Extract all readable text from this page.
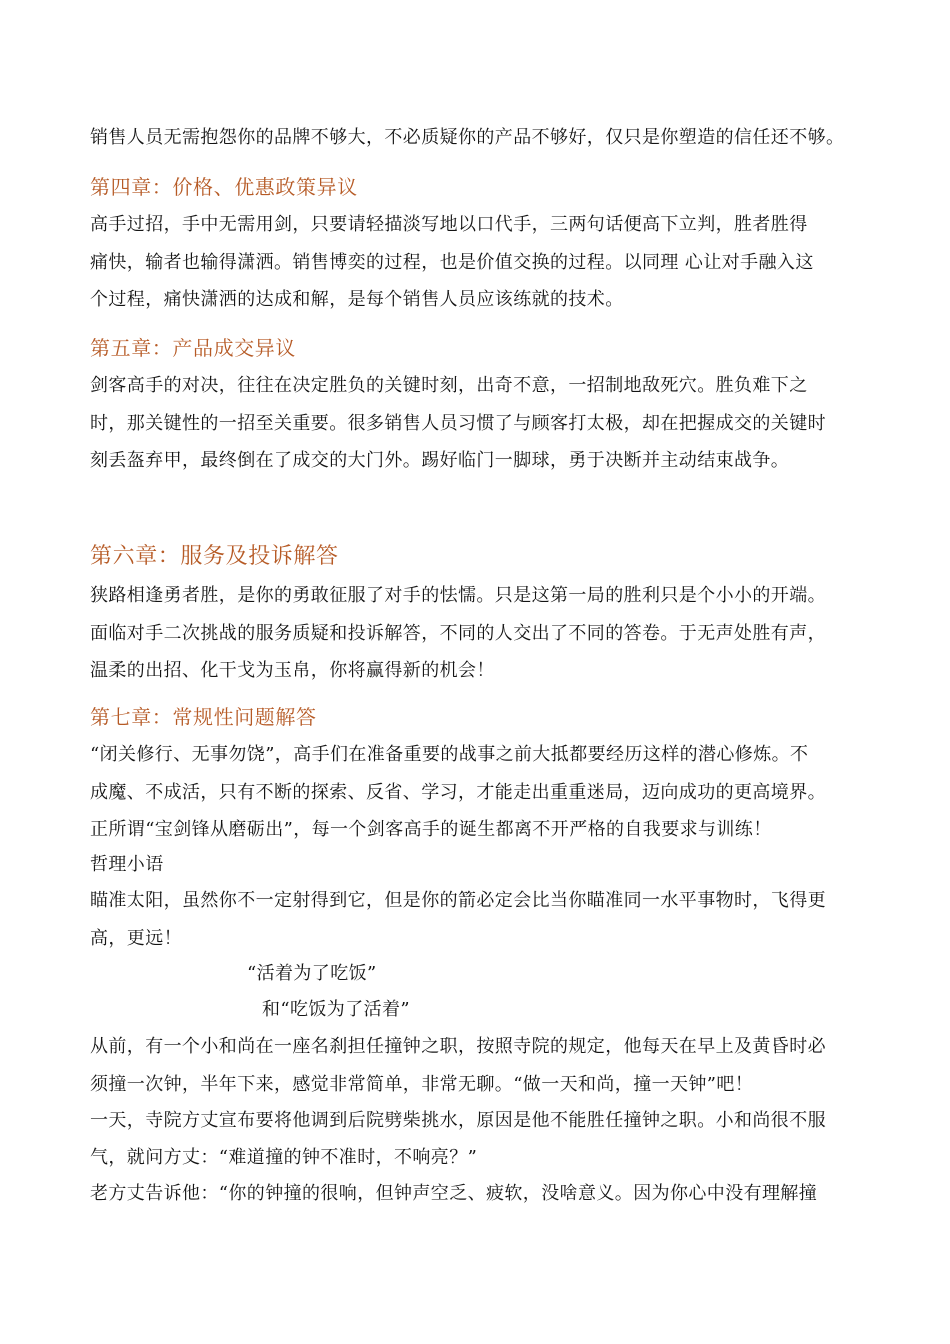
销售人员无需抱怨你的品牌不够大，不必质疑你的产品不够好，仅只是你塑造的信任还不够。
第四章：价格、优惠政策异议
高手过招，手中无需用剑，只要请轻描淡写地以口代手，三两句话便高下立判，胜者胜得
痛快，输者也输得潇洒。销售博奕的过程，也是价值交换的过程。以同理 心让对手融入这
个过程，痛快潇洒的达成和解，是每个销售人员应该练就的技术。
第五章：产品成交异议
剑客高手的对决，往往在决定胜负的关键时刻，出奇不意，一招制地敌死穴。胜负难下之
时，那关键性的一招至关重要。很多销售人员习惯了与顾客打太极，却在把握成交的关键时
刻丢盔弃甲，最终倒在了成交的大门外。踢好临门一脚球，勇于决断并主动结束战争。
第六章：服务及投诉解答
狭路相逢勇者胜，是你的勇敢征服了对手的怯懦。只是这第一局的胜利只是个小小的开端。
面临对手二次挑战的服务质疑和投诉解答，不同的人交出了不同的答卷。于无声处胜有声，
温柔的出招、化干戈为玉帛，你将赢得新的机会！
第七章：常规性问题解答
“闭关修行、无事勿饶”，高手们在准备重要的战事之前大抵都要经历这样的潜心修炼。不
成魔、不成活，只有不断的探索、反省、学习，才能走出重重迷局，迈向成功的更高境界。
正所谓“宝剑锋从磨砺出”，每一个剑客高手的诞生都离不开严格的自我要求与训练！
哲理小语
瞄准太阳，虽然你不一定射得到它，但是你的箭必定会比当你瞄准同一水平事物时，飞得更
高，更远！
“活着为了吃饭”
和“吃饭为了活着”
从前，有一个小和尚在一座名刹担任撞钟之职，按照寺院的规定，他每天在早上及黄昏时必
须撞一次钟，半年下来，感觉非常简单，非常无聊。“做一天和尚，撞一天钟”吧！
一天，寺院方丈宣布要将他调到后院劈柴挑水，原因是他不能胜任撞钟之职。小和尚很不服
气，就问方丈：“难道撞的钟不准时，不响亮？”
老方丈告诉他：“你的钟撞的很响，但钟声空乏、疲软，没啥意义。因为你心中没有理解撞
